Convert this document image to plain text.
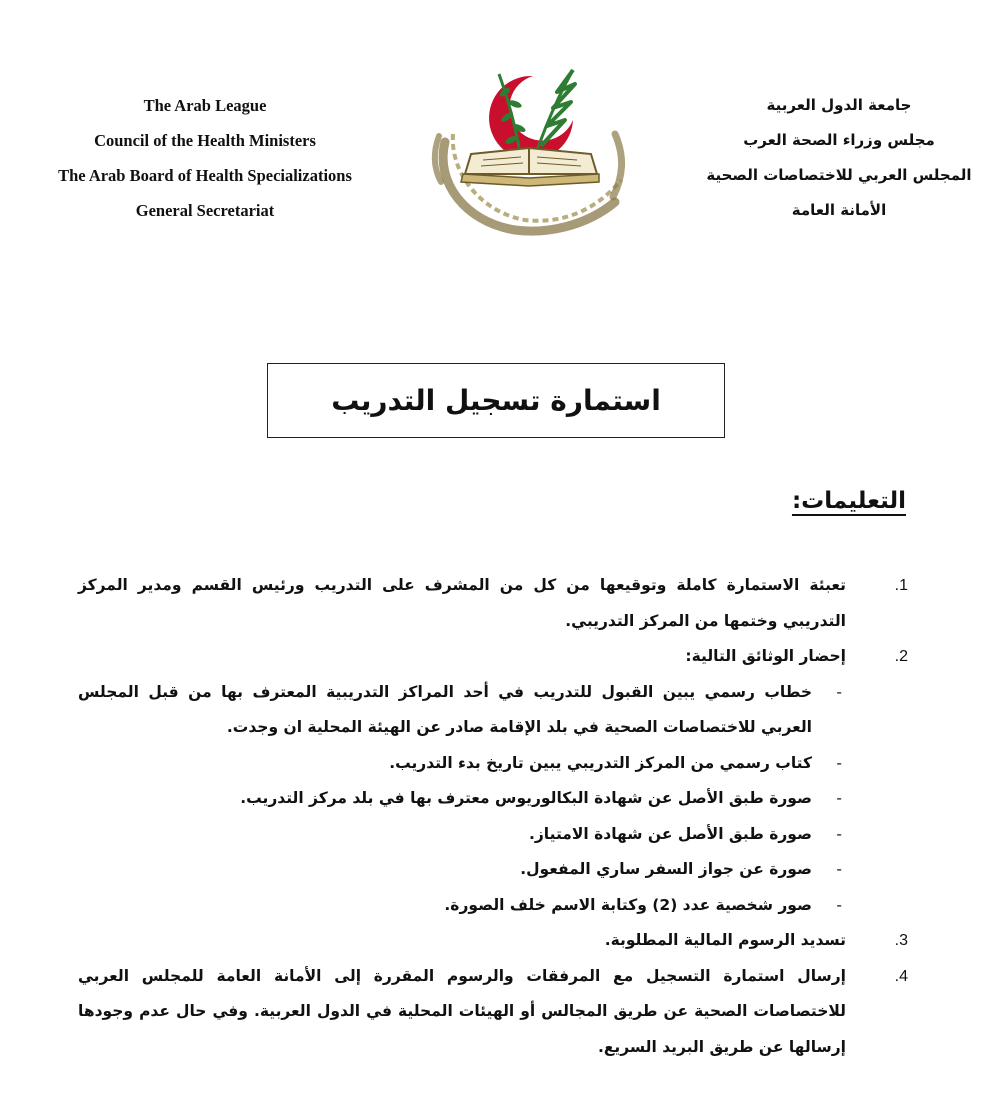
The Arab League
Council of the Health Ministers
The Arab Board of Health Specializations
General Secretariat
جامعة الدول العربية
مجلس وزراء الصحة العرب
المجلس العربي للاختصاصات الصحية
الأمانة العامة
استمارة تسجيل التدريب
التعليمات:
1.
تعبئة الاستمارة كاملة وتوقيعها من كل من المشرف على التدريب ورئيس القسم ومدير المركز التدريبي وختمها من المركز التدريبي.
2.
إحضار الوثائق التالية:
-
خطاب رسمي يبين القبول للتدريب في أحد المراكز التدريبية المعترف بها من قبل المجلس العربي للاختصاصات الصحية في بلد الإقامة صادر عن الهيئة المحلية ان وجدت.
-
كتاب رسمي من المركز التدريبي يبين تاريخ بدء التدريب.
-
صورة طبق الأصل عن شهادة البكالوريوس معترف بها في بلد مركز التدريب.
-
صورة طبق الأصل عن شهادة الامتياز.
-
صورة عن جواز السفر ساري المفعول.
-
صور شخصية عدد (2) وكتابة الاسم خلف الصورة.
3.
تسديد الرسوم المالية المطلوبة.
4.
إرسال استمارة التسجيل مع المرفقات والرسوم المقررة إلى الأمانة العامة للمجلس العربي للاختصاصات الصحية عن طريق المجالس أو الهيئات المحلية في الدول العربية. وفي حال عدم وجودها إرسالها عن طريق البريد السريع.
